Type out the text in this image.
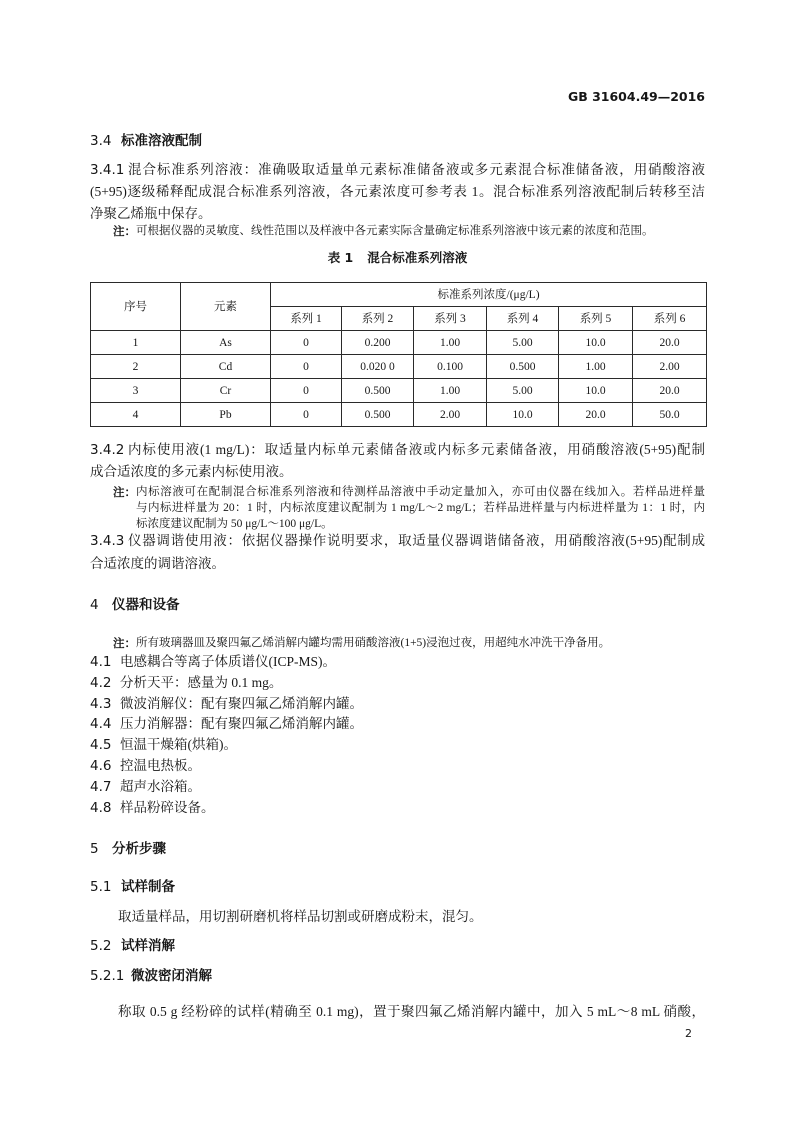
GB 31604.49—2016
3.4 标准溶液配制
3.4.1 混合标准系列溶液：准确吸取适量单元素标准储备液或多元素混合标准储备液，用硝酸溶液
(5+95)逐级稀释配成混合标准系列溶液，各元素浓度可参考表 1。混合标准系列溶液配制后转移至洁
净聚乙烯瓶中保存。
注： 可根据仪器的灵敏度、线性范围以及样液中各元素实际含量确定标准系列溶液中该元素的浓度和范围。
表 1 混合标准系列溶液
序号	元素	标准系列浓度/(μg/L)					
		系列 1	系列 2	系列 3	系列 4	系列 5	系列 6
1	As	0	0.200	1.00	5.00	10.0	20.0
2	Cd	0	0.020 0	0.100	0.500	1.00	2.00
3	Cr	0	0.500	1.00	5.00	10.0	20.0
4	Pb	0	0.500	2.00	10.0	20.0	50.0
3.4.2 内标使用液(1 mg/L)：取适量内标单元素储备液或内标多元素储备液，用硝酸溶液(5+95)配制
成合适浓度的多元素内标使用液。
注： 内标溶液可在配制混合标准系列溶液和待测样品溶液中手动定量加入，亦可由仪器在线加入。若样品进样量
与内标进样量为 20：1 时，内标浓度建议配制为 1 mg/L～2 mg/L；若样品进样量与内标进样量为 1：1 时，内
标浓度建议配制为 50 μg/L～100 μg/L。
3.4.3 仪器调谐使用液：依据仪器操作说明要求，取适量仪器调谐储备液，用硝酸溶液(5+95)配制成
合适浓度的调谐溶液。
4 仪器和设备
注： 所有玻璃器皿及聚四氟乙烯消解内罐均需用硝酸溶液(1+5)浸泡过夜，用超纯水冲洗干净备用。
4.1 电感耦合等离子体质谱仪(ICP-MS)。
4.2 分析天平：感量为 0.1 mg。
4.3 微波消解仪：配有聚四氟乙烯消解内罐。
4.4 压力消解器：配有聚四氟乙烯消解内罐。
4.5 恒温干燥箱(烘箱)。
4.6 控温电热板。
4.7 超声水浴箱。
4.8 样品粉碎设备。
5 分析步骤
5.1 试样制备
取适量样品，用切割研磨机将样品切割或研磨成粉末，混匀。
5.2 试样消解
5.2.1 微波密闭消解
称取 0.5 g 经粉碎的试样(精确至 0.1 mg)，置于聚四氟乙烯消解内罐中，加入 5 mL～8 mL 硝酸，
2
